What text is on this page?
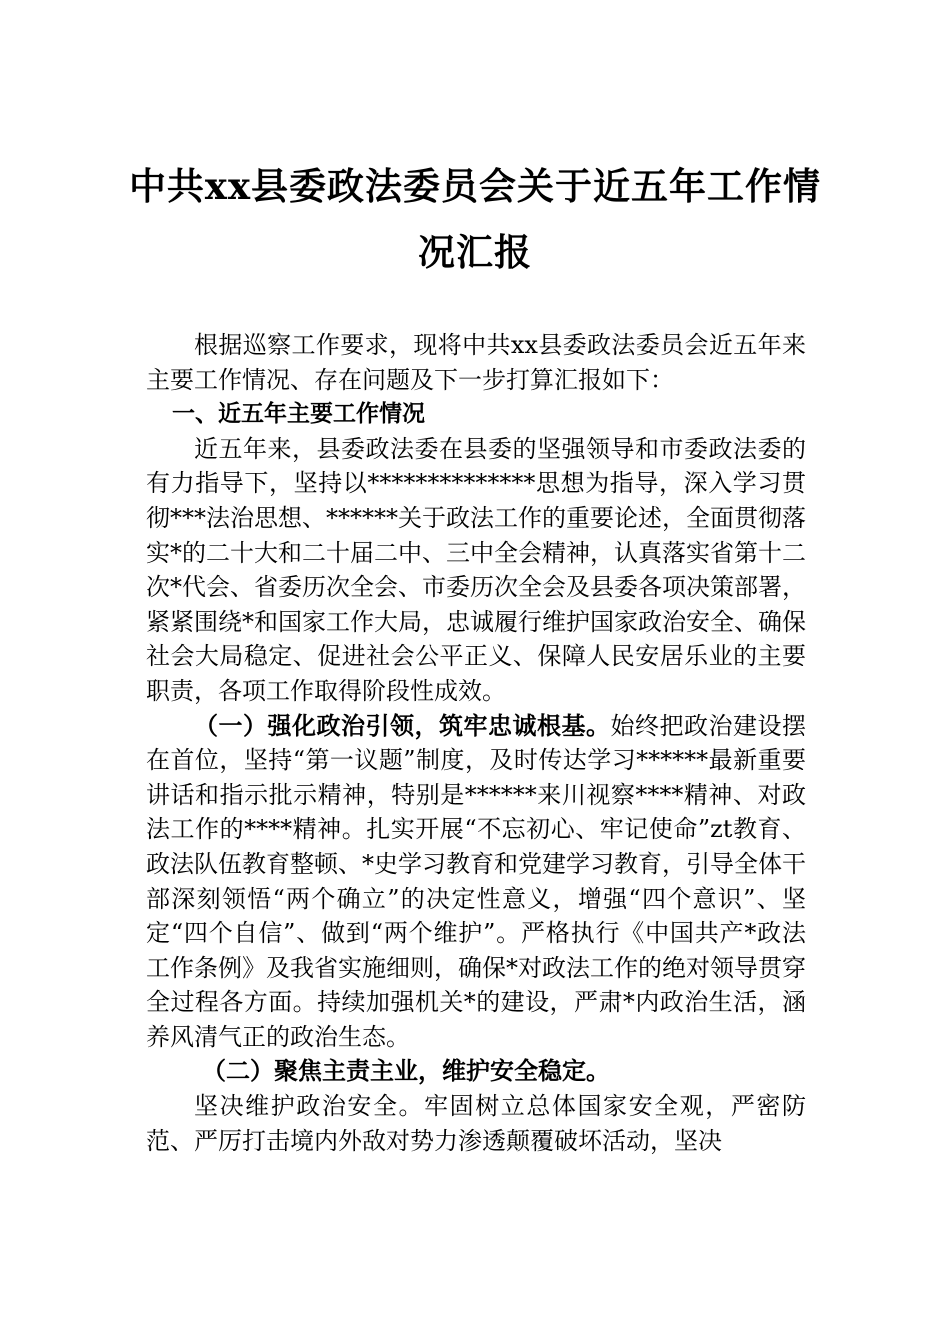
中共xx县委政法委员会关于近五年工作情
况汇报

根据巡察工作要求，现将中共xx县委政法委员会近五年来主要工作情况、存在问题及下一步打算汇报如下：

一、近五年主要工作情况

近五年来，县委政法委在县委的坚强领导和市委政法委的有力指导下，坚持以**************思想为指导，深入学习贯彻***法治思想、******关于政法工作的重要论述，全面贯彻落实*的二十大和二十届二中、三中全会精神，认真落实省第十二次*代会、省委历次全会、市委历次全会及县委各项决策部署，紧紧围绕*和国家工作大局，忠诚履行维护国家政治安全、确保社会大局稳定、促进社会公平正义、保障人民安居乐业的主要职责，各项工作取得阶段性成效。

（一）强化政治引领，筑牢忠诚根基。始终把政治建设摆在首位，坚持“第一议题”制度，及时传达学习******最新重要讲话和指示批示精神，特别是******来川视察****精神、对政法工作的****精神。扎实开展“不忘初心、牢记使命”zt教育、政法队伍教育整顿、*史学习教育和党建学习教育，引导全体干部深刻领悟“两个确立”的决定性意义，增强“四个意识”、坚定“四个自信”、做到“两个维护”。严格执行《中国共产*政法工作条例》及我省实施细则，确保*对政法工作的绝对领导贯穿全过程各方面。持续加强机关*的建设，严肃*内政治生活，涵养风清气正的政治生态。

（二）聚焦主责主业，维护安全稳定。

坚决维护政治安全。牢固树立总体国家安全观，严密防范、严厉打击境内外敌对势力渗透颠覆破坏活动，坚决
